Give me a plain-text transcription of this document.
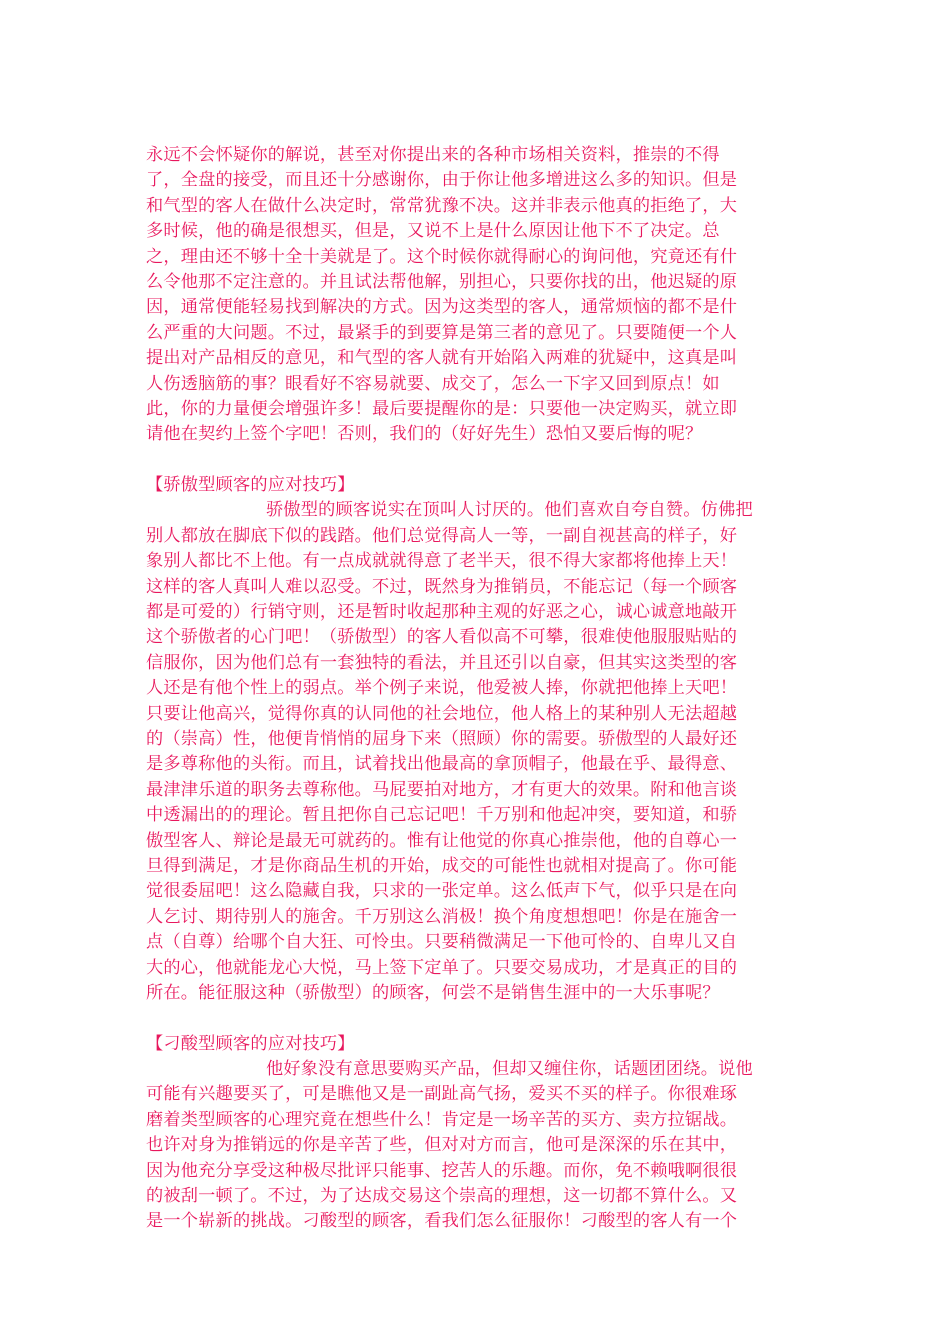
永远不会怀疑你的解说，甚至对你提出来的各种市场相关资料，推崇的不得
了，全盘的接受，而且还十分感谢你，由于你让他多增进这么多的知识。但是
和气型的客人在做什么决定时，常常犹豫不决。这并非表示他真的拒绝了，大
多时候，他的确是很想买，但是，又说不上是什么原因让他下不了决定。总
之，理由还不够十全十美就是了。这个时候你就得耐心的询问他，究竟还有什
么令他那不定注意的。并且试法帮他解，别担心，只要你找的出，他迟疑的原
因，通常便能轻易找到解决的方式。因为这类型的客人，通常烦恼的都不是什
么严重的大问题。不过，最紧手的到要算是第三者的意见了。只要随便一个人
提出对产品相反的意见，和气型的客人就有开始陷入两难的犹疑中，这真是叫
人伤透脑筋的事？眼看好不容易就要、成交了，怎么一下字又回到原点！如
此，你的力量便会增强许多！最后要提醒你的是：只要他一决定购买，就立即
请他在契约上签个字吧！否则，我们的（好好先生）恐怕又要后悔的呢？
【骄傲型顾客的应对技巧】
骄傲型的顾客说实在顶叫人讨厌的。他们喜欢自夸自赞。仿佛把
别人都放在脚底下似的践踏。他们总觉得高人一等，一副自视甚高的样子，好
象别人都比不上他。有一点成就就得意了老半天，很不得大家都将他捧上天！
这样的客人真叫人难以忍受。不过，既然身为推销员，不能忘记（每一个顾客
都是可爱的）行销守则，还是暂时收起那种主观的好恶之心，诚心诚意地敲开
这个骄傲者的心门吧！（骄傲型）的客人看似高不可攀，很难使他服服贴贴的
信服你，因为他们总有一套独特的看法，并且还引以自豪，但其实这类型的客
人还是有他个性上的弱点。举个例子来说，他爱被人捧，你就把他捧上天吧！
只要让他高兴，觉得你真的认同他的社会地位，他人格上的某种别人无法超越
的（崇高）性，他便肯悄悄的屈身下来（照顾）你的需要。骄傲型的人最好还
是多尊称他的头衔。而且，试着找出他最高的拿顶帽子，他最在乎、最得意、
最津津乐道的职务去尊称他。马屁要拍对地方，才有更大的效果。附和他言谈
中透漏出的的理论。暂且把你自己忘记吧！千万别和他起冲突，要知道，和骄
傲型客人、辩论是最无可就药的。惟有让他觉的你真心推崇他，他的自尊心一
旦得到满足，才是你商品生机的开始，成交的可能性也就相对提高了。你可能
觉很委屈吧！这么隐藏自我，只求的一张定单。这么低声下气，似乎只是在向
人乞讨、期待别人的施舍。千万别这么消极！换个角度想想吧！你是在施舍一
点（自尊）给哪个自大狂、可怜虫。只要稍微满足一下他可怜的、自卑儿又自
大的心，他就能龙心大悦，马上签下定单了。只要交易成功，才是真正的目的
所在。能征服这种（骄傲型）的顾客，何尝不是销售生涯中的一大乐事呢？
【刁酸型顾客的应对技巧】
他好象没有意思要购买产品，但却又缠住你，话题团团绕。说他
可能有兴趣要买了，可是瞧他又是一副趾高气扬，爱买不买的样子。你很难琢
磨着类型顾客的心理究竟在想些什么！肯定是一场辛苦的买方、卖方拉锯战。
也许对身为推销远的你是辛苦了些，但对对方而言，他可是深深的乐在其中，
因为他充分享受这种极尽批评只能事、挖苦人的乐趣。而你，免不赖哦啊很很
的被刮一顿了。不过，为了达成交易这个崇高的理想，这一切都不算什么。又
是一个崭新的挑战。刁酸型的顾客，看我们怎么征服你！刁酸型的客人有一个
